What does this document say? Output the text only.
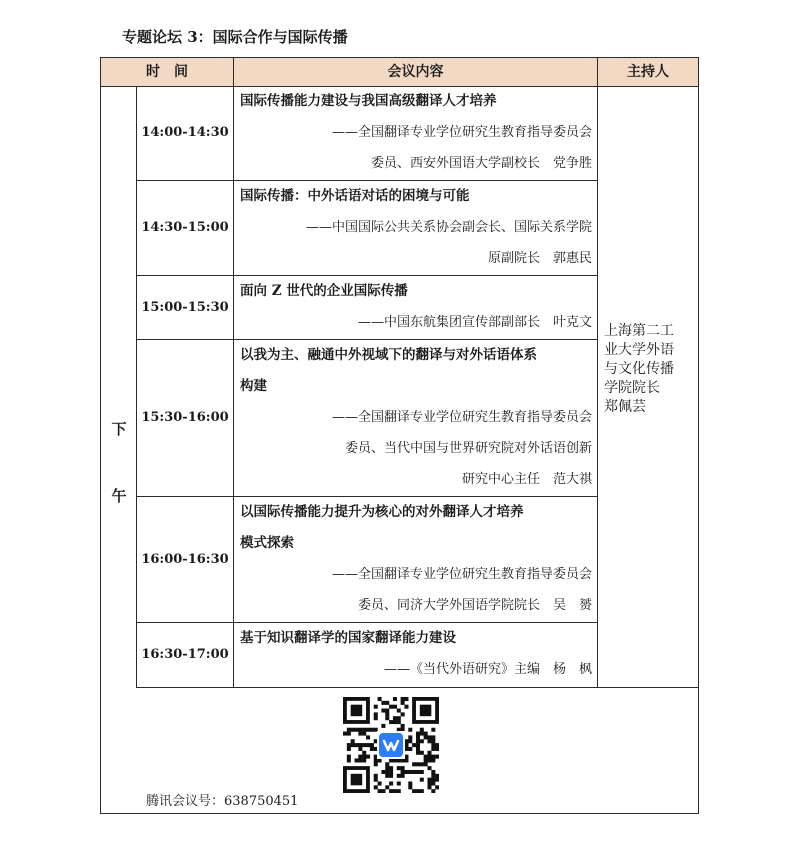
专题论坛 3：国际合作与国际传播
时　间	会议内容	主持人
下
午
14:00-14:30
14:30-15:00
15:00-15:30
15:30-16:00
16:00-16:30
16:30-17:00
国际传播能力建设与我国高级翻译人才培养
——全国翻译专业学位研究生教育指导委员会
委员、西安外国语大学副校长　党争胜
国际传播：中外话语对话的困境与可能
——中国国际公共关系协会副会长、国际关系学院
原副院长　郭惠民
面向 Z 世代的企业国际传播
——中国东航集团宣传部副部长　叶克文
以我为主、融通中外视域下的翻译与对外话语体系
构建
——全国翻译专业学位研究生教育指导委员会
委员、当代中国与世界研究院对外话语创新
研究中心主任　范大祺
以国际传播能力提升为核心的对外翻译人才培养
模式探索
——全国翻译专业学位研究生教育指导委员会
委员、同济大学外国语学院院长　吴　赟
基于知识翻译学的国家翻译能力建设
——《当代外语研究》主编　杨　枫
上海第二工
业大学外语
与文化传播
学院院长
郑佩芸
腾讯会议号：638750451
